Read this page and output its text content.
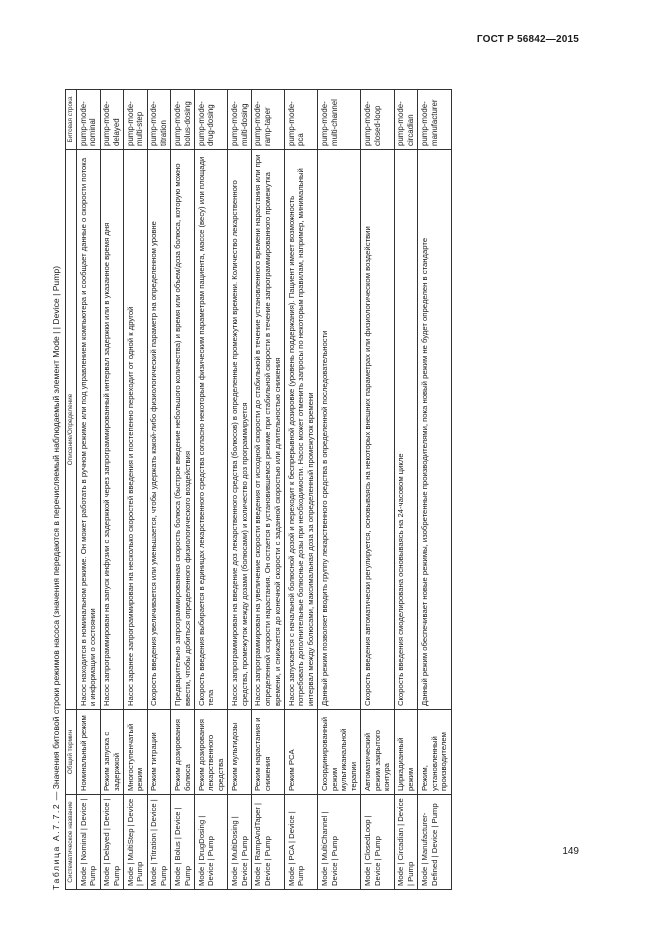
ГОСТ Р 56842—2015
Таблица А.7.7.2 — Значения битовой строки режимов насоса (значения передаются в перечисляемый наблюдаемый элемент Mode | | Device | Pump)
Систематическое название	Общий термин	Описание/Определение	Битовая строка
Mode | Nominal | Device | Pump	Номинальный режим	Насос находится в номинальном режиме. Он может работать в ручном режиме или под управлением компьютера и сообщает данные о скорости потока и информации о состоянии	pump-mode-nominal
Mode | Delayed | Device | Pump	Режим запуска с задержкой	Насос запрограммирован на запуск инфузии с задержкой через запрограммированный интервал задержки или в указанное время дня	pump-mode-delayed
Mode | MultiStep | Device | Pump	Многоступенчатый режим	Насос заранее запрограммирован на несколько скоростей введения и постепенно переходит от одной к другой	pump-mode-multi-step
Mode | Titration | Device | Pump	Режим титрации	Скорость введения увеличивается или уменьшается, чтобы удержать какой-либо физиологический параметр на определенном уровне	pump-mode-titration
Mode | Bolus | Device | Pump	Режим дозирования болюса	Предварительно запрограммированная скорость болюса (быстрое введение небольшого количества) и время или объем/доза болюса, которую можно ввести, чтобы добиться определенного физиологического воздействия	pump-mode-bolus-dosing
Mode | DrugDosing | Device | Pump	Режим дозирования лекарственного средства	Скорость введения выбирается в единицах лекарственного средства согласно некоторым физическим параметрам пациента, массе (весу) или площади тела	pump-mode-drug-dosing
Mode | MultiDosing | Device | Pump	Режим мультидозы	Насос запрограммирован на введение доз лекарственного средства (болюсов) в определенные промежутки времени. Количество лекарственного средства, промежуток между дозами (болюсами) и количество доз программируется	pump-mode-multi-dosing
Mode | RampAndTaper | Device | Pump	Режим нарастания и снижения	Насос запрограммирован на увеличение скорости введения от исходной скорости до стабильной в течение установленного времени нарастания или при определенной скорости нарастания. Он остается в установившемся режиме при стабильной скорости в течение запрограммированного промежутка времени, и снижается до конечной скорости с заданной скоростью или длительностью снижения	pump-mode-ramp-taper
Mode | PCA | Device | Pump	Режим PCA	Насос запускается с начальной болюсной дозой и переходит к беспрерывной дозировке (уровень поддержания). Пациент имеет возможность потребовать дополнительные болюсные дозы при необходимости. Насос может отменить запросы по некоторым правилам, например, минимальный интервал между болюсами, максимальная доза за определенный промежуток времени	pump-mode-pca
Mode | MultiChannel | Device | Pump	Скоординированный режим мультиканальной терапии	Данный режим позволяет вводить группу лекарственного средства в определенной последовательности	pump-mode-multi-channel
Mode | ClosedLoop | Device | Pump	Автоматический режим закрытого контура	Скорость введения автоматически регулируется, основываясь на некоторых внешних параметрах или физиологическом воздействии	pump-mode-closed-loop
Mode | Circadian | Device | Pump	Циркадианный режим	Скорость введения смоделирована основываясь на 24-часовом цикле	pump-mode-circadian
Mode | Manufacturer-Defined | Device | Pump	Режим, установленный производителем	Данный режим обеспечивает новые режимы, изобретенные производителями, пока новый режим не будет определен в стандарте	pump-mode-manufacturer
149
